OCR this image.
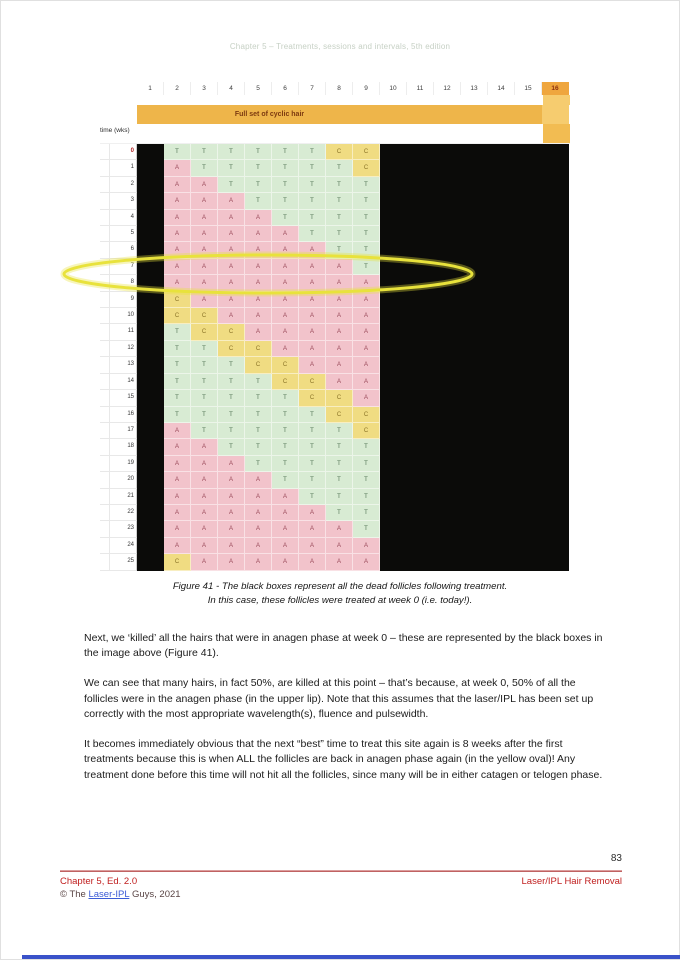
Chapter 5 – Treatments, sessions and intervals, 5th edition
1	2	3	4	5	6	7	8	9	10	11	12	13	14	15	16
Full set of cyclic hair
time (wks)
0	T	T	T	T	T	T	C	C
1	A	T	T	T	T	T	T	C
2	A	A	T	T	T	T	T	T
3	A	A	A	T	T	T	T	T
4	A	A	A	A	T	T	T	T
5	A	A	A	A	A	T	T	T
6	A	A	A	A	A	A	T	T
7	A	A	A	A	A	A	A	T
8	A	A	A	A	A	A	A	A
9	C	A	A	A	A	A	A	A
10	C	C	A	A	A	A	A	A
11	T	C	C	A	A	A	A	A
12	T	T	C	C	A	A	A	A
13	T	T	T	C	C	A	A	A
14	T	T	T	T	C	C	A	A
15	T	T	T	T	T	C	C	A
16	T	T	T	T	T	T	C	C
17	A	T	T	T	T	T	T	C
18	A	A	T	T	T	T	T	T
19	A	A	A	T	T	T	T	T
20	A	A	A	A	T	T	T	T
21	A	A	A	A	A	T	T	T
22	A	A	A	A	A	A	T	T
23	A	A	A	A	A	A	A	T
24	A	A	A	A	A	A	A	A
25	C	A	A	A	A	A	A	A
Figure 41 - The black boxes represent all the dead follicles following treatment.
In this case, these follicles were treated at week 0 (i.e. today!).

Next, we ‘killed’ all the hairs that were in anagen phase at week 0 – these are represented by the black boxes in the image above (Figure 41).

We can see that many hairs, in fact 50%, are killed at this point – that’s because, at week 0, 50% of all the follicles were in the anagen phase (in the upper lip). Note that this assumes that the laser/IPL has been set up correctly with the most appropriate wavelength(s), fluence and pulsewidth.

It becomes immediately obvious that the next “best” time to treat this site again is 8 weeks after the first treatments because this is when ALL the follicles are back in anagen phase again (in the yellow oval)! Any treatment done before this time will not hit all the follicles, since many will be in either catagen or telogen phase.

83
Chapter 5, Ed. 2.0
© The Laser-IPL Guys, 2021
Laser/IPL Hair Removal
